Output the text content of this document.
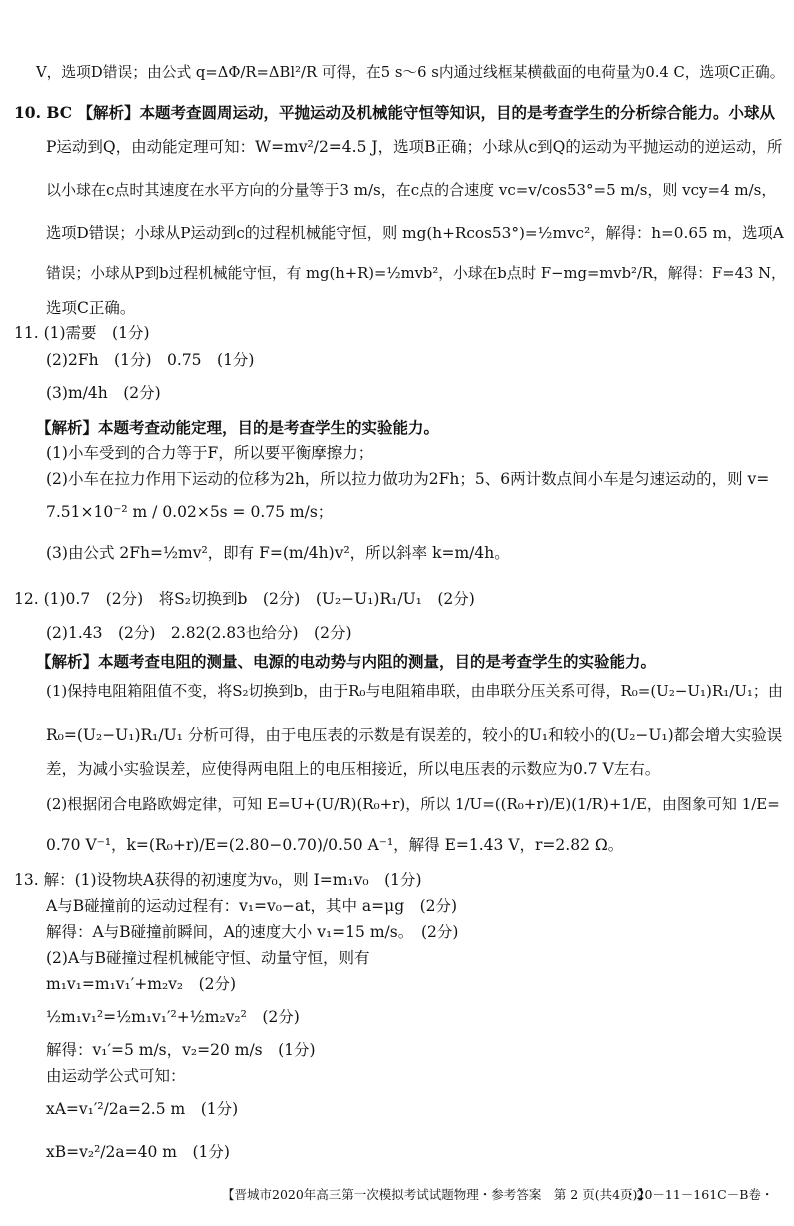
V，选项D错误；由公式 q=ΔΦ/R=ΔBl²/R 可得，在5 s～6 s内通过线框某横截面的电荷量为0.4 C，选项C正确。
10. BC 【解析】本题考查圆周运动，平抛运动及机械能守恒等知识，目的是考查学生的分析综合能力。小球从
P运动到Q，由动能定理可知：W=mv²/2=4.5 J，选项B正确；小球从c到Q的运动为平抛运动的逆运动，所
以小球在c点时其速度在水平方向的分量等于3 m/s，在c点的合速度 vc=v/cos53°=5 m/s，则 vcy=4 m/s，
选项D错误；小球从P运动到c的过程机械能守恒，则 mg(h+Rcos53°)=½mvc²，解得：h=0.65 m，选项A
错误；小球从P到b过程机械能守恒，有 mg(h+R)=½mvb²，小球在b点时 F−mg=mvb²/R，解得：F=43 N，
选项C正确。
11. (1)需要　(1分)
(2)2Fh　(1分)　0.75　(1分)
(3)m/4h　(2分)
【解析】本题考查动能定理，目的是考查学生的实验能力。
(1)小车受到的合力等于F，所以要平衡摩擦力；
(2)小车在拉力作用下运动的位移为2h，所以拉力做功为2Fh；5、6两计数点间小车是匀速运动的，则 v=
7.51×10⁻² m / 0.02×5s = 0.75 m/s；
(3)由公式 2Fh=½mv²，即有 F=(m/4h)v²，所以斜率 k=m/4h。
12. (1)0.7　(2分)　将S₂切换到b　(2分)　(U₂−U₁)R₁/U₁　(2分)
(2)1.43　(2分)　2.82(2.83也给分)　(2分)
【解析】本题考查电阻的测量、电源的电动势与内阻的测量，目的是考查学生的实验能力。
(1)保持电阻箱阻值不变，将S₂切换到b，由于R₀与电阻箱串联，由串联分压关系可得，R₀=(U₂−U₁)R₁/U₁；由
R₀=(U₂−U₁)R₁/U₁ 分析可得，由于电压表的示数是有误差的，较小的U₁和较小的(U₂−U₁)都会增大实验误
差，为减小实验误差，应使得两电阻上的电压相接近，所以电压表的示数应为0.7 V左右。
(2)根据闭合电路欧姆定律，可知 E=U+(U/R)(R₀+r)，所以 1/U=((R₀+r)/E)(1/R)+1/E，由图象可知 1/E=
0.70 V⁻¹，k=(R₀+r)/E=(2.80−0.70)/0.50 A⁻¹，解得 E=1.43 V，r=2.82 Ω。
13. 解：(1)设物块A获得的初速度为v₀，则 I=m₁v₀　(1分)
A与B碰撞前的运动过程有：v₁=v₀−at，其中 a=μg　(2分)
解得：A与B碰撞前瞬间，A的速度大小 v₁=15 m/s。　(2分)
(2)A与B碰撞过程机械能守恒、动量守恒，则有
m₁v₁=m₁v₁′+m₂v₂　(2分)
½m₁v₁²=½m₁v₁′²+½m₂v₂²　(2分)
解得：v₁′=5 m/s，v₂=20 m/s　(1分)
由运动学公式可知：
xA=v₁′²/2a=2.5 m　(1分)
xB=v₂²/2a=40 m　(1分)
【晋城市2020年高三第一次模拟考试试题物理・参考答案　第 2 页(共4页)】
・20－11－161C－B卷・
